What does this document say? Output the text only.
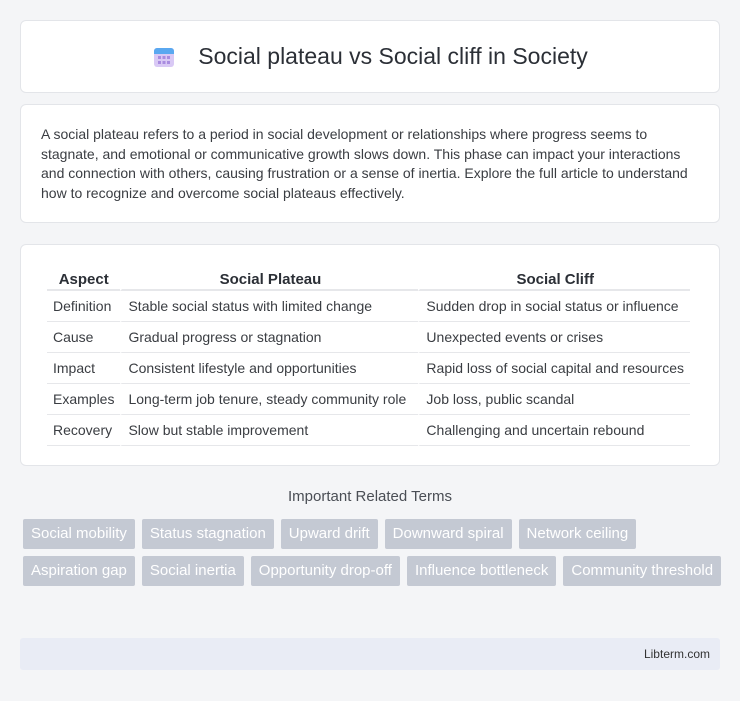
Social plateau vs Social cliff in Society

A social plateau refers to a period in social development or relationships where progress seems to stagnate, and emotional or communicative growth slows down. This phase can impact your interactions and connection with others, causing frustration or a sense of inertia. Explore the full article to understand how to recognize and overcome social plateaus effectively.

Aspect	Social Plateau	Social Cliff
Definition	Stable social status with limited change	Sudden drop in social status or influence
Cause	Gradual progress or stagnation	Unexpected events or crises
Impact	Consistent lifestyle and opportunities	Rapid loss of social capital and resources
Examples	Long-term job tenure, steady community role	Job loss, public scandal
Recovery	Slow but stable improvement	Challenging and uncertain rebound
Important Related Terms
Social mobility	Status stagnation	Upward drift	Downward spiral	Network ceiling
Aspiration gap	Social inertia	Opportunity drop-off	Influence bottleneck	Community threshold
Libterm.com
